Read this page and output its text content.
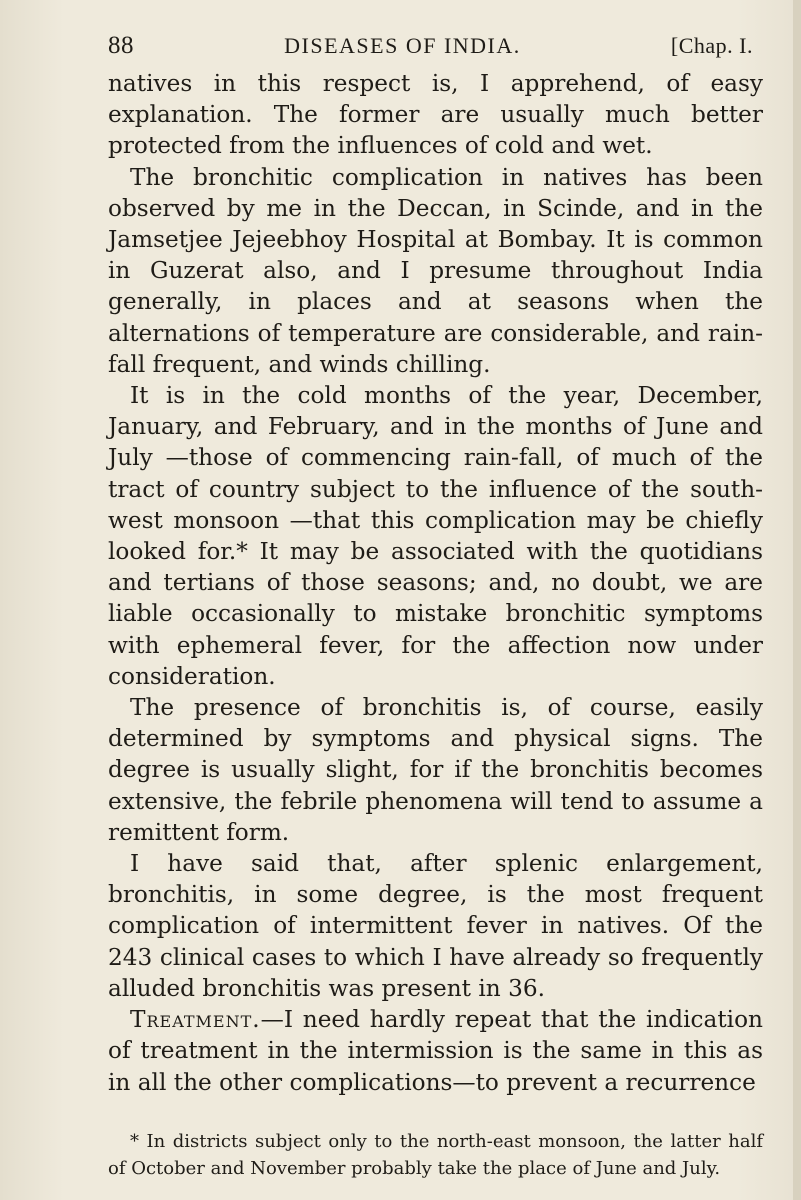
88	DISEASES OF INDIA.	[Chap. I.

natives in this respect is, I apprehend, of easy explanation. The former are usually much better protected from the influences of cold and wet.

The bronchitic complication in natives has been observed by me in the Deccan, in Scinde, and in the Jamsetjee Jejeebhoy Hospital at Bombay. It is common in Guzerat also, and I presume throughout India generally, in places and at seasons when the alternations of temperature are considerable, and rain-fall frequent, and winds chilling.

It is in the cold months of the year, December, January, and February, and in the months of June and July —those of commencing rain-fall, of much of the tract of country subject to the influence of the south-west monsoon —that this complication may be chiefly looked for.* It may be associated with the quotidians and tertians of those seasons; and, no doubt, we are liable occasionally to mistake bronchitic symptoms with ephemeral fever, for the affection now under consideration.

The presence of bronchitis is, of course, easily determined by symptoms and physical signs. The degree is usually slight, for if the bronchitis becomes extensive, the febrile phenomena will tend to assume a remittent form.

I have said that, after splenic enlargement, bronchitis, in some degree, is the most frequent complication of intermittent fever in natives. Of the 243 clinical cases to which I have already so frequently alluded bronchitis was present in 36.

Treatment.—I need hardly repeat that the indication of treatment in the intermission is the same in this as in all the other complications—to prevent a recurrence

* In districts subject only to the north-east monsoon, the latter half of October and November probably take the place of June and July.
